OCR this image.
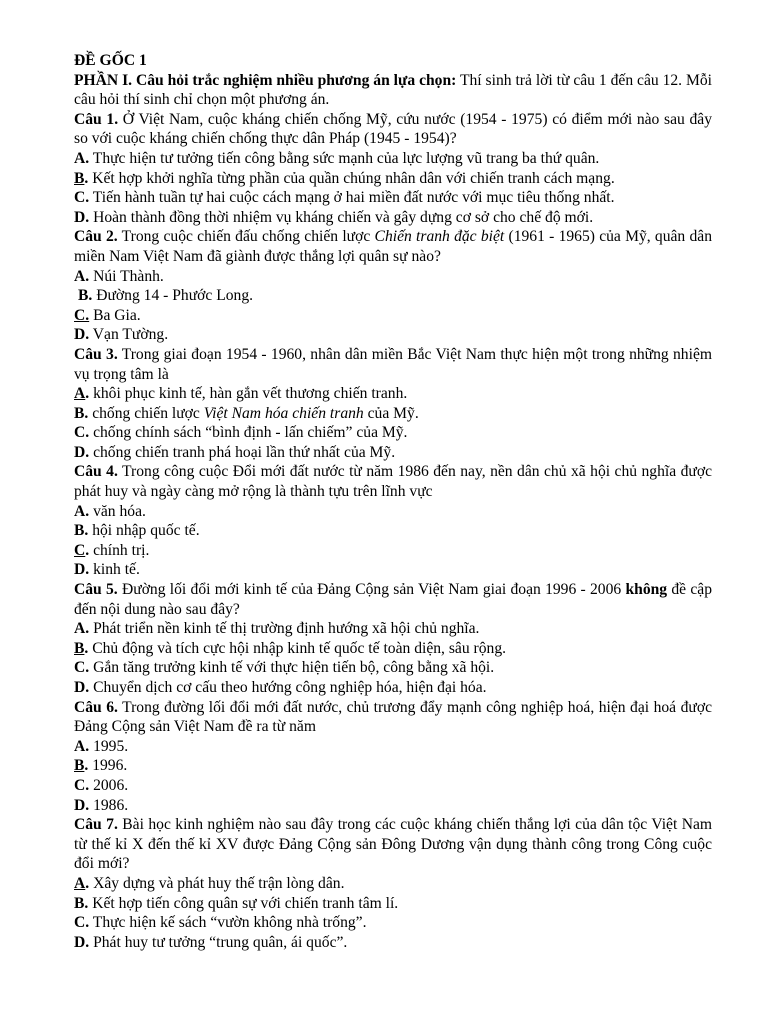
ĐỀ GỐC 1
PHẦN I. Câu hỏi trắc nghiệm nhiều phương án lựa chọn: Thí sinh trả lời từ câu 1 đến câu 12. Mỗi câu hỏi thí sinh chỉ chọn một phương án.
Câu 1. Ở Việt Nam, cuộc kháng chiến chống Mỹ, cứu nước (1954 - 1975) có điểm mới nào sau đây so với cuộc kháng chiến chống thực dân Pháp (1945 - 1954)?
A. Thực hiện tư tưởng tiến công bằng sức mạnh của lực lượng vũ trang ba thứ quân.
B. Kết hợp khởi nghĩa từng phần của quần chúng nhân dân với chiến tranh cách mạng.
C. Tiến hành tuần tự hai cuộc cách mạng ở hai miền đất nước với mục tiêu thống nhất.
D. Hoàn thành đồng thời nhiệm vụ kháng chiến và gây dựng cơ sở cho chế độ mới.
Câu 2. Trong cuộc chiến đấu chống chiến lược Chiến tranh đặc biệt (1961 - 1965) của Mỹ, quân dân miền Nam Việt Nam đã giành được thắng lợi quân sự nào?
A. Núi Thành.
B. Đường 14 - Phước Long.
C. Ba Gia.
D. Vạn Tường.
Câu 3. Trong giai đoạn 1954 - 1960, nhân dân miền Bắc Việt Nam thực hiện một trong những nhiệm vụ trọng tâm là
A. khôi phục kinh tế, hàn gắn vết thương chiến tranh.
B. chống chiến lược Việt Nam hóa chiến tranh của Mỹ.
C. chống chính sách “bình định - lấn chiếm” của Mỹ.
D. chống chiến tranh phá hoại lần thứ nhất của Mỹ.
Câu 4. Trong công cuộc Đổi mới đất nước từ năm 1986 đến nay, nền dân chủ xã hội chủ nghĩa được phát huy và ngày càng mở rộng là thành tựu trên lĩnh vực
A. văn hóa.
B. hội nhập quốc tế.
C. chính trị.
D. kinh tế.
Câu 5. Đường lối đổi mới kinh tế của Đảng Cộng sản Việt Nam giai đoạn 1996 - 2006 không đề cập đến nội dung nào sau đây?
A. Phát triển nền kinh tế thị trường định hướng xã hội chủ nghĩa.
B. Chủ động và tích cực hội nhập kinh tế quốc tế toàn diện, sâu rộng.
C. Gắn tăng trưởng kinh tế với thực hiện tiến bộ, công bằng xã hội.
D. Chuyển dịch cơ cấu theo hướng công nghiệp hóa, hiện đại hóa.
Câu 6. Trong đường lối đổi mới đất nước, chủ trương đẩy mạnh công nghiệp hoá, hiện đại hoá được Đảng Cộng sản Việt Nam đề ra từ năm
A. 1995.
B. 1996.
C. 2006.
D. 1986.
Câu 7. Bài học kinh nghiệm nào sau đây trong các cuộc kháng chiến thắng lợi của dân tộc Việt Nam từ thế kỉ X đến thế kỉ XV được Đảng Cộng sản Đông Dương vận dụng thành công trong Công cuộc đổi mới?
A. Xây dựng và phát huy thế trận lòng dân.
B. Kết hợp tiến công quân sự với chiến tranh tâm lí.
C. Thực hiện kế sách “vườn không nhà trống”.
D. Phát huy tư tưởng “trung quân, ái quốc”.
